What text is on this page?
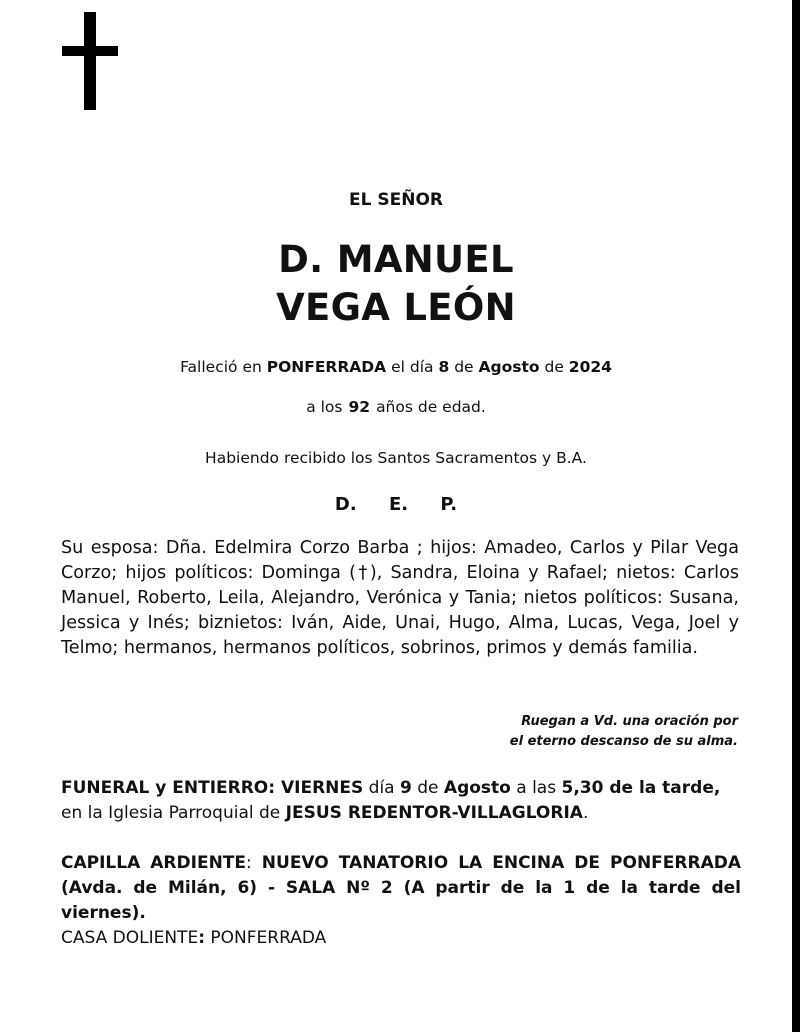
EL SEÑOR
D. MANUEL
VEGA LEÓN
Falleció en PONFERRADA el día 8 de Agosto de 2024
a los 92 años de edad.
Habiendo recibido los Santos Sacramentos y B.A.
D. E. P.
Su esposa: Dña. Edelmira Corzo Barba ; hijos: Amadeo, Carlos y Pilar Vega Corzo; hijos políticos: Dominga (†), Sandra, Eloina y Rafael; nietos: Carlos Manuel, Roberto, Leila, Alejandro, Verónica y Tania; nietos políticos: Susana, Jessica y Inés; biznietos: Iván, Aide, Unai, Hugo, Alma, Lucas, Vega, Joel y Telmo; hermanos, hermanos políticos, sobrinos, primos y demás familia.
Ruegan a Vd. una oración por
el eterno descanso de su alma.
FUNERAL y ENTIERRO: VIERNES día 9 de Agosto a las 5,30 de la tarde,
en la Iglesia Parroquial de JESUS REDENTOR-VILLAGLORIA.
CAPILLA ARDIENTE: NUEVO TANATORIO LA ENCINA DE PONFERRADA
(Avda. de Milán, 6) - SALA Nº 2 (A partir de la 1 de la tarde del viernes).
CASA DOLIENTE: PONFERRADA
